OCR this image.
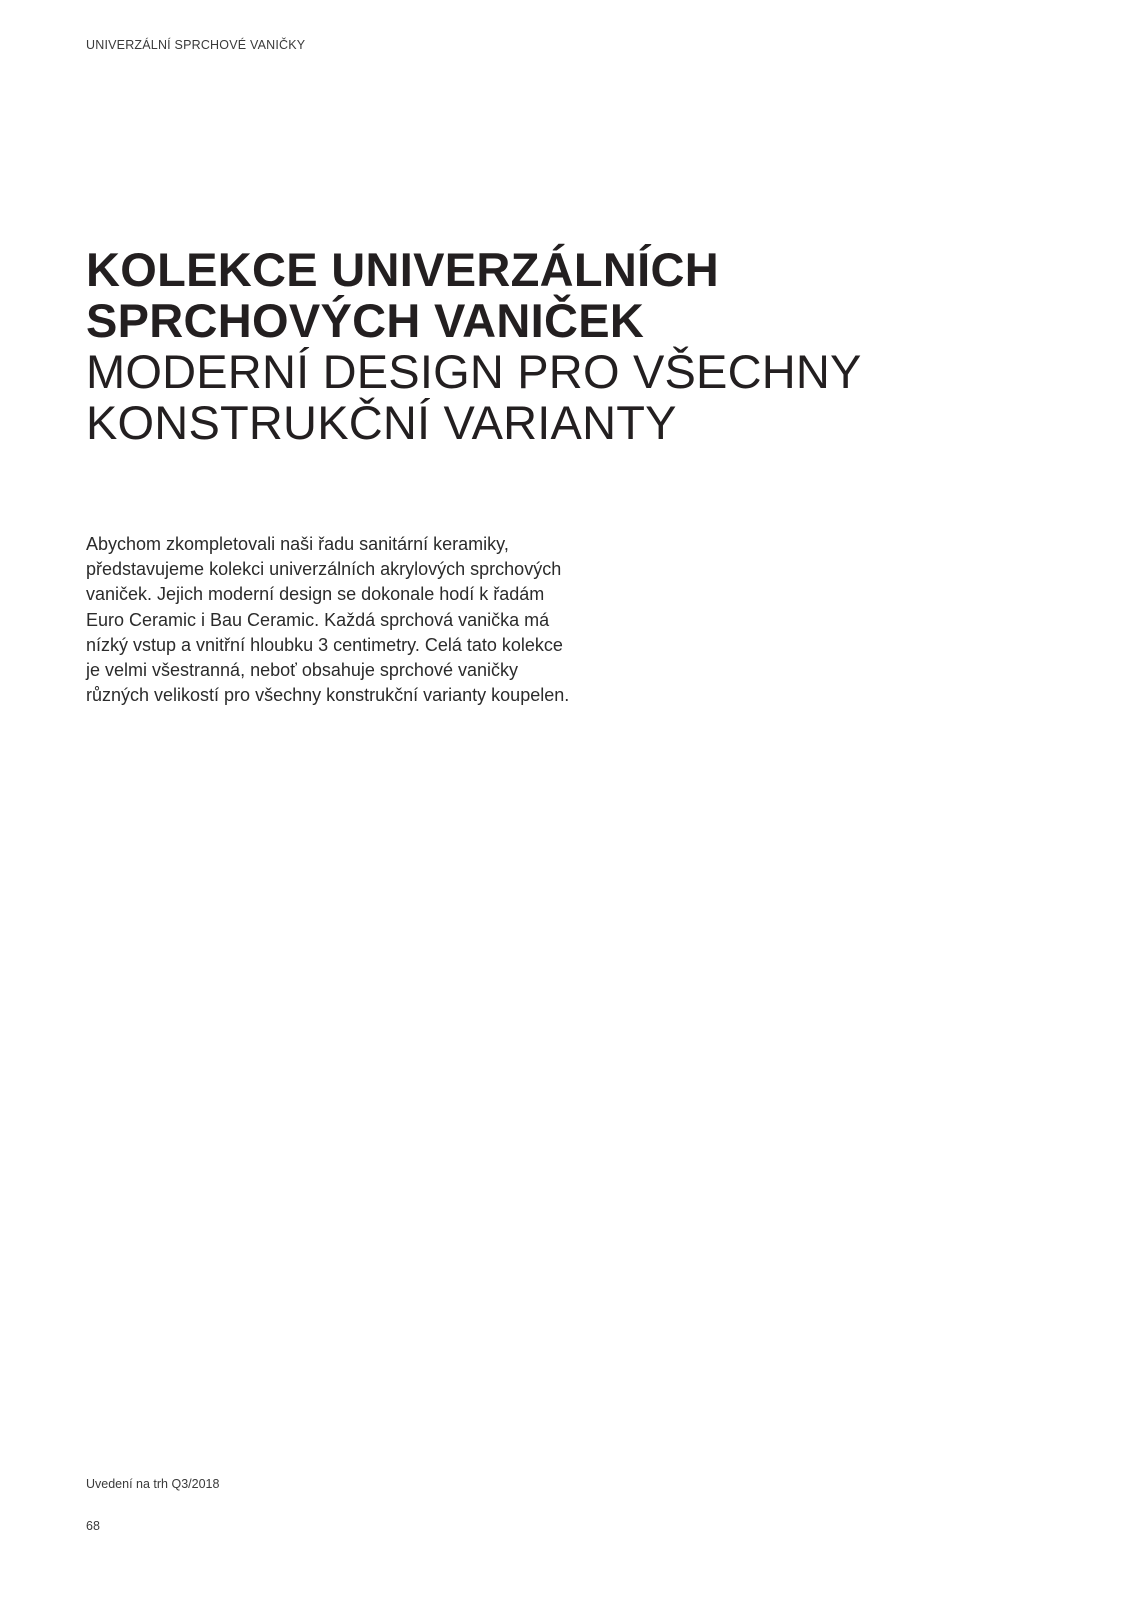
UNIVERZÁLNÍ SPRCHOVÉ VANIČKY
KOLEKCE UNIVERZÁLNÍCH
SPRCHOVÝCH VANIČEK
MODERNÍ DESIGN PRO VŠECHNY
KONSTRUKČNÍ VARIANTY

Abychom zkompletovali naši řadu sanitární keramiky,
představujeme kolekci univerzálních akrylových sprchových
vaniček. Jejich moderní design se dokonale hodí k řadám
Euro Ceramic i Bau Ceramic. Každá sprchová vanička má
nízký vstup a vnitřní hloubku 3 centimetry. Celá tato kolekce
je velmi všestranná, neboť obsahuje sprchové vaničky
různých velikostí pro všechny konstrukční varianty koupelen.

Uvedení na trh Q3/2018
68
